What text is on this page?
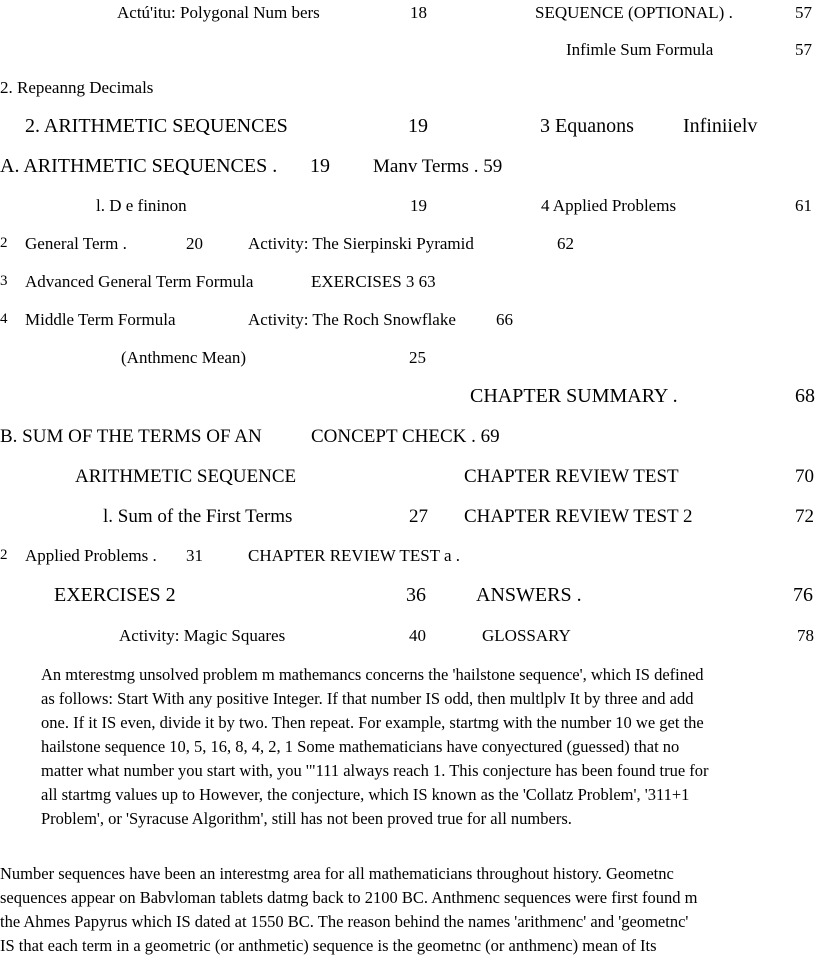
Actú'itu: Polygonal Num bers	18	SEQUENCE (OPTIONAL) .	57
Infimle Sum Formula	57
2. Repeanng Decimals
2. ARITHMETIC SEQUENCES	19	3 Equanons Infiniielv
A. ARITHMETIC SEQUENCES . 19 Manv Terms . 59
l. D e fininon	19	4 Applied Problems	61
2 General Term .	20	Activity: The Sierpinski Pyramid	62
3 Advanced General Term Formula	EXERCISES 3 63
4 Middle Term Formula	Activity: The Roch Snowflake 66
(Anthmenc Mean)	25
CHAPTER SUMMARY .	68
B. SUM OF THE TERMS OF AN	CONCEPT CHECK . 69
ARITHMETIC SEQUENCE	CHAPTER REVIEW TEST	70
l. Sum of the First Terms	27 CHAPTER REVIEW TEST 2	72
2 Applied Problems . 31	CHAPTER REVIEW TEST a .
EXERCISES 2	36	ANSWERS .	76
Activity: Magic Squares	40	GLOSSARY	78
An mterestmg unsolved problem m mathemancs concerns the 'hailstone sequence', which IS defined
as follows: Start With any positive Integer. If that number IS odd, then multlplv It by three and add
one. If it IS even, divide it by two. Then repeat. For example, startmg with the number 10 we get the
hailstone sequence 10, 5, 16, 8, 4, 2, 1 Some mathematicians have conyectured (guessed) that no
matter what number you start with, you '"111 always reach 1. This conjecture has been found true for
all startmg values up to However, the conjecture, which IS known as the 'Collatz Problem', '311+1
Problem', or 'Syracuse Algorithm', still has not been proved true for all numbers.
Number sequences have been an interestmg area for all mathematicians throughout history. Geometnc
sequences appear on Babvloman tablets datmg back to 2100 BC. Anthmenc sequences were first found m
the Ahmes Papyrus which IS dated at 1550 BC. The reason behind the names 'arithmenc' and 'geometnc'
IS that each term in a geometric (or anthmetic) sequence is the geometnc (or anthmenc) mean of Its
